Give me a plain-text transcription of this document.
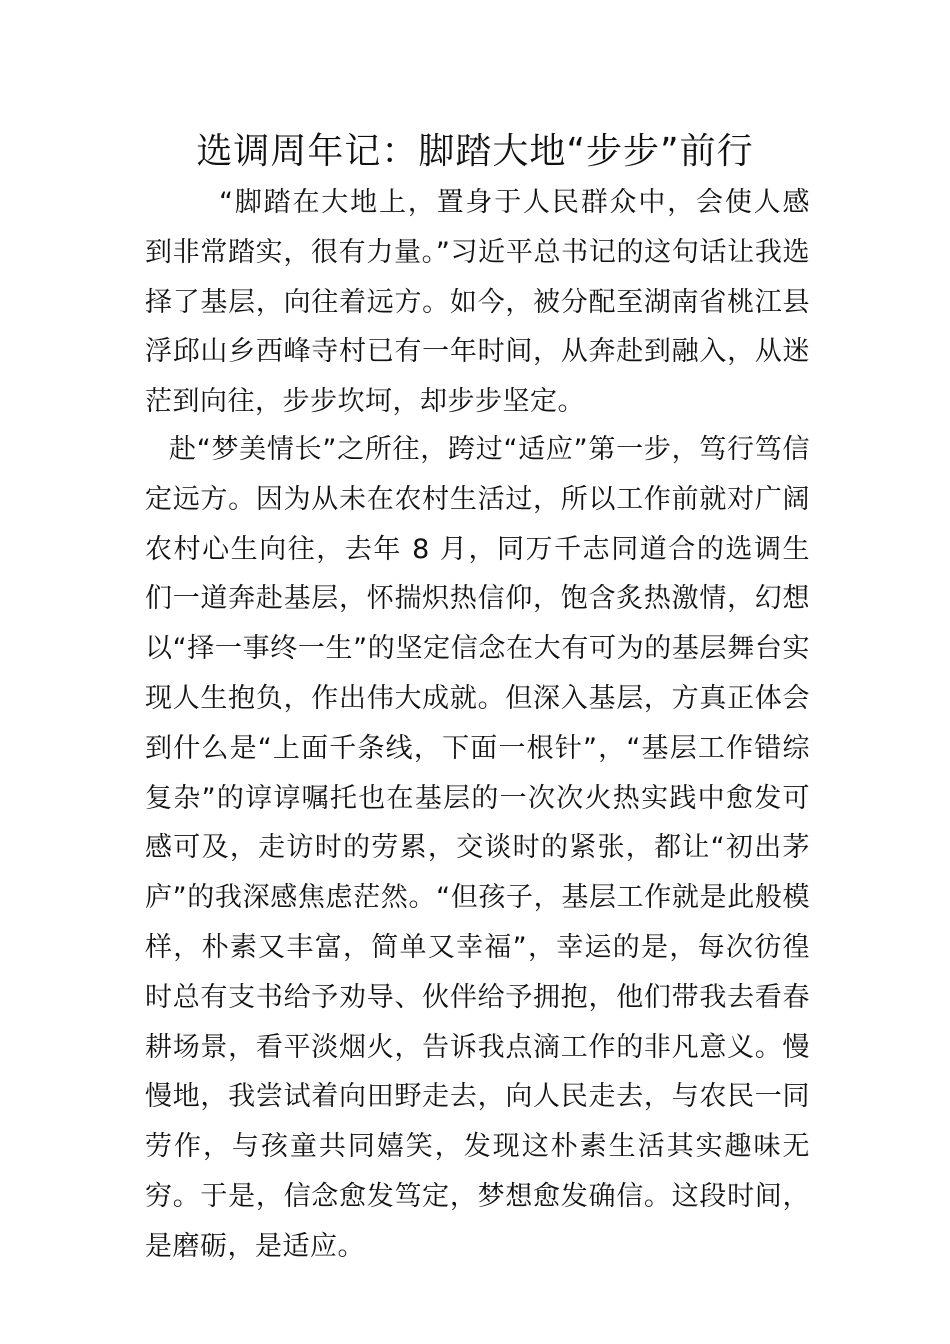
选调周年记：脚踏大地“步步”前行

“脚踏在大地上，置身于人民群众中，会使人感到非常踏实，很有力量。”习近平总书记的这句话让我选择了基层，向往着远方。如今，被分配至湖南省桃江县浮邱山乡西峰寺村已有一年时间，从奔赴到融入，从迷茫到向往，步步坎坷，却步步坚定。

赴“梦美情长”之所往，跨过“适应”第一步，笃行笃信定远方。因为从未在农村生活过，所以工作前就对广阔农村心生向往，去年 8 月，同万千志同道合的选调生们一道奔赴基层，怀揣炽热信仰，饱含炙热激情，幻想以“择一事终一生”的坚定信念在大有可为的基层舞台实现人生抱负，作出伟大成就。但深入基层，方真正体会到什么是“上面千条线，下面一根针”，“基层工作错综复杂”的谆谆嘱托也在基层的一次次火热实践中愈发可感可及，走访时的劳累，交谈时的紧张，都让“初出茅庐”的我深感焦虑茫然。“但孩子，基层工作就是此般模样，朴素又丰富，简单又幸福”，幸运的是，每次彷徨时总有支书给予劝导、伙伴给予拥抱，他们带我去看春耕场景，看平淡烟火，告诉我点滴工作的非凡意义。慢慢地，我尝试着向田野走去，向人民走去，与农民一同劳作，与孩童共同嬉笑，发现这朴素生活其实趣味无穷。于是，信念愈发笃定，梦想愈发确信。这段时间，是磨砺，是适应。
